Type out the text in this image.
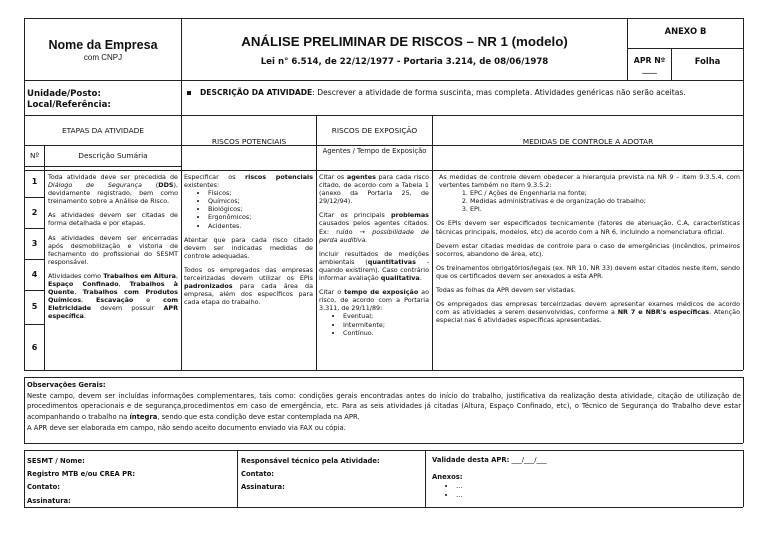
Nome da Empresa
com CNPJ
ANÁLISE PRELIMINAR DE RISCOS – NR 1 (modelo)
Lei n° 6.514, de 22/12/1977 - Portaria 3.214, de 08/06/1978
ANEXO B
APR Nº
____
Folha
Unidade/Posto:
Local/Referência:
DESCRIÇÃO DA ATIVIDADE: Descrever a atividade de forma suscinta, mas completa. Atividades genéricas não serão aceitas.
ETAPAS DA ATIVIDADE
Nº	Descrição Sumária
RISCOS POTENCIAIS
RISCOS DE EXPOSIÇÃO
Agentes / Tempo de Exposição
MEDIDAS DE CONTROLE A ADOTAR
1
2
3
4
5
6

Toda atividade deve ser precedida de Diálogo de Segurança (DDS), devidamente registrado, bem como treinamento sobre a Análise de Risco.

As atividades devem ser citadas de forma detalhada e por etapas.

As atividades devem ser encerradas após desmobilização e vistoria de fechamento do profissional do SESMT responsável.

Atividades como Trabalhos em Altura, Espaço Confinado, Trabalhos à Quente, Trabalhos com Produtos Químicos, Escavação e com Eletricidade devem possuir APR específica.

Especificar os riscos potenciais existentes:

• Físicos;
• Químicos;
• Biológicos;
• Ergonômicos;
• Acidentes.

Atentar que para cada risco citado devem ser indicadas medidas de controle adequadas.

Todos os empregados das empresas terceirizadas devem utilizar os EPIs padronizados para cada área da empresa, além dos específicos para cada etapa do trabalho.

Citar os agentes para cada risco citado, de acordo com a Tabela 1 (anexo da Portaria 25, de 29/12/94).

Citar os principais problemas causados pelos agentes citados. Ex: ruído → possibilidade de perda auditiva.

Incluir resultados de medições ambientais (quantitativas - quando existirem). Caso contrário informar avaliação qualitativa.

Citar o tempo de exposição ao risco, de acordo com a Portaria 3.311, de 29/11/89:

• Eventual;
• Intermitente;
• Contínuo.

As medidas de controle devem obedecer a hierarquia prevista na NR 9 – item 9.3.5.4, com vertentes também no item 9.3.5.2:

1. EPC / Ações de Engenharia na fonte;
2. Medidas administrativas e de organização do trabalho;
3. EPI.

Os EPIs devem ser especificados tecnicamente (fatores de atenuação, C.A, características técnicas principais, modelos, etc) de acordo com a NR 6, incluindo a nomenclatura oficial.

Devem estar citadas medidas de controle para o caso de emergências (incêndios, primeiros socorros, abandono de área, etc).

Os treinamentos obrigatórios/legais (ex. NR 10, NR 33) devem estar citados neste item, sendo que os certificados devem ser anexados a esta APR.

Todas as folhas da APR devem ser vistadas.

Os empregados das empresas terceirizadas devem apresentar exames médicos de acordo com as atividades a serem desenvolvidas, conforme a NR 7 e NBR's específicas. Atenção especial nas 6 atividades específicas apresentadas.

Observações Gerais:

Neste campo, devem ser incluídas informações complementares, tais como: condições gerais encontradas antes do início do trabalho, justificativa da realização desta atividade, citação de utilização de procedimentos operacionais e de segurança,procedimentos em caso de emergência, etc. Para as seis atividades já citadas (Altura, Espaço Confinado, etc), o Técnico de Segurança do Trabalho deve estar acompanhando o trabalho na íntegra, sendo que esta condição deve estar contemplada na APR.

A APR deve ser elaborada em campo, não sendo aceito documento enviado via FAX ou cópia.

SESMT / Nome:
Registro MTB e/ou CREA PR:
Contato:
Assinatura:
Responsável técnico pela Atividade:
Contato:
Assinatura:
Validade desta APR: ___/___/___
Anexos:
• ...
• ...
